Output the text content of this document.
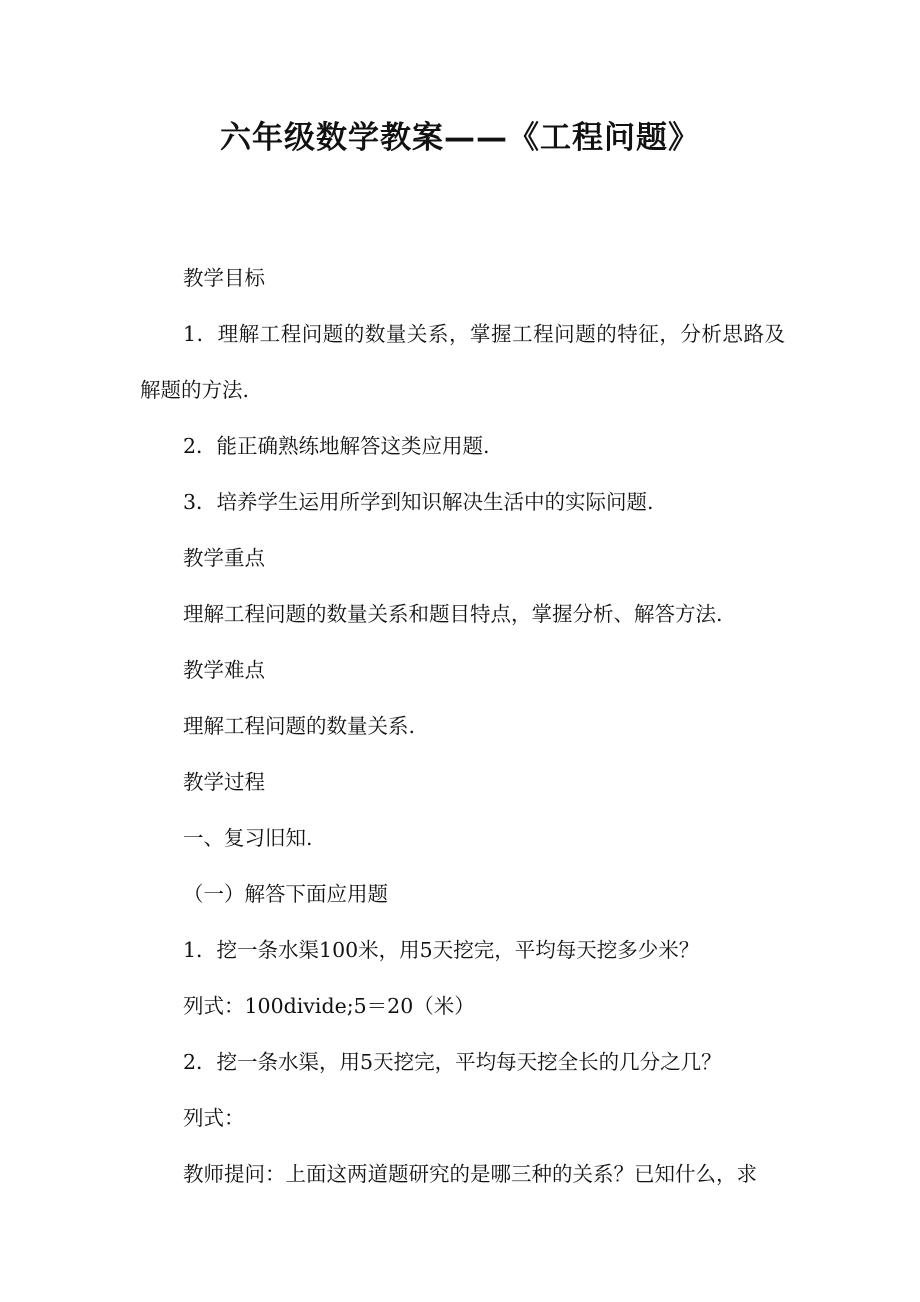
六年级数学教案——《工程问题》

教学目标

1．理解工程问题的数量关系，掌握工程问题的特征，分析思路及解题的方法.

2．能正确熟练地解答这类应用题.

3．培养学生运用所学到知识解决生活中的实际问题.

教学重点

理解工程问题的数量关系和题目特点，掌握分析、解答方法.

教学难点

理解工程问题的数量关系.

教学过程

一、复习旧知.

（一）解答下面应用题

1．挖一条水渠100米，用5天挖完，平均每天挖多少米？

列式：100divide;5＝20（米）

2．挖一条水渠，用5天挖完，平均每天挖全长的几分之几？

列式：

教师提问：上面这两道题研究的是哪三种的关系？已知什么，求
